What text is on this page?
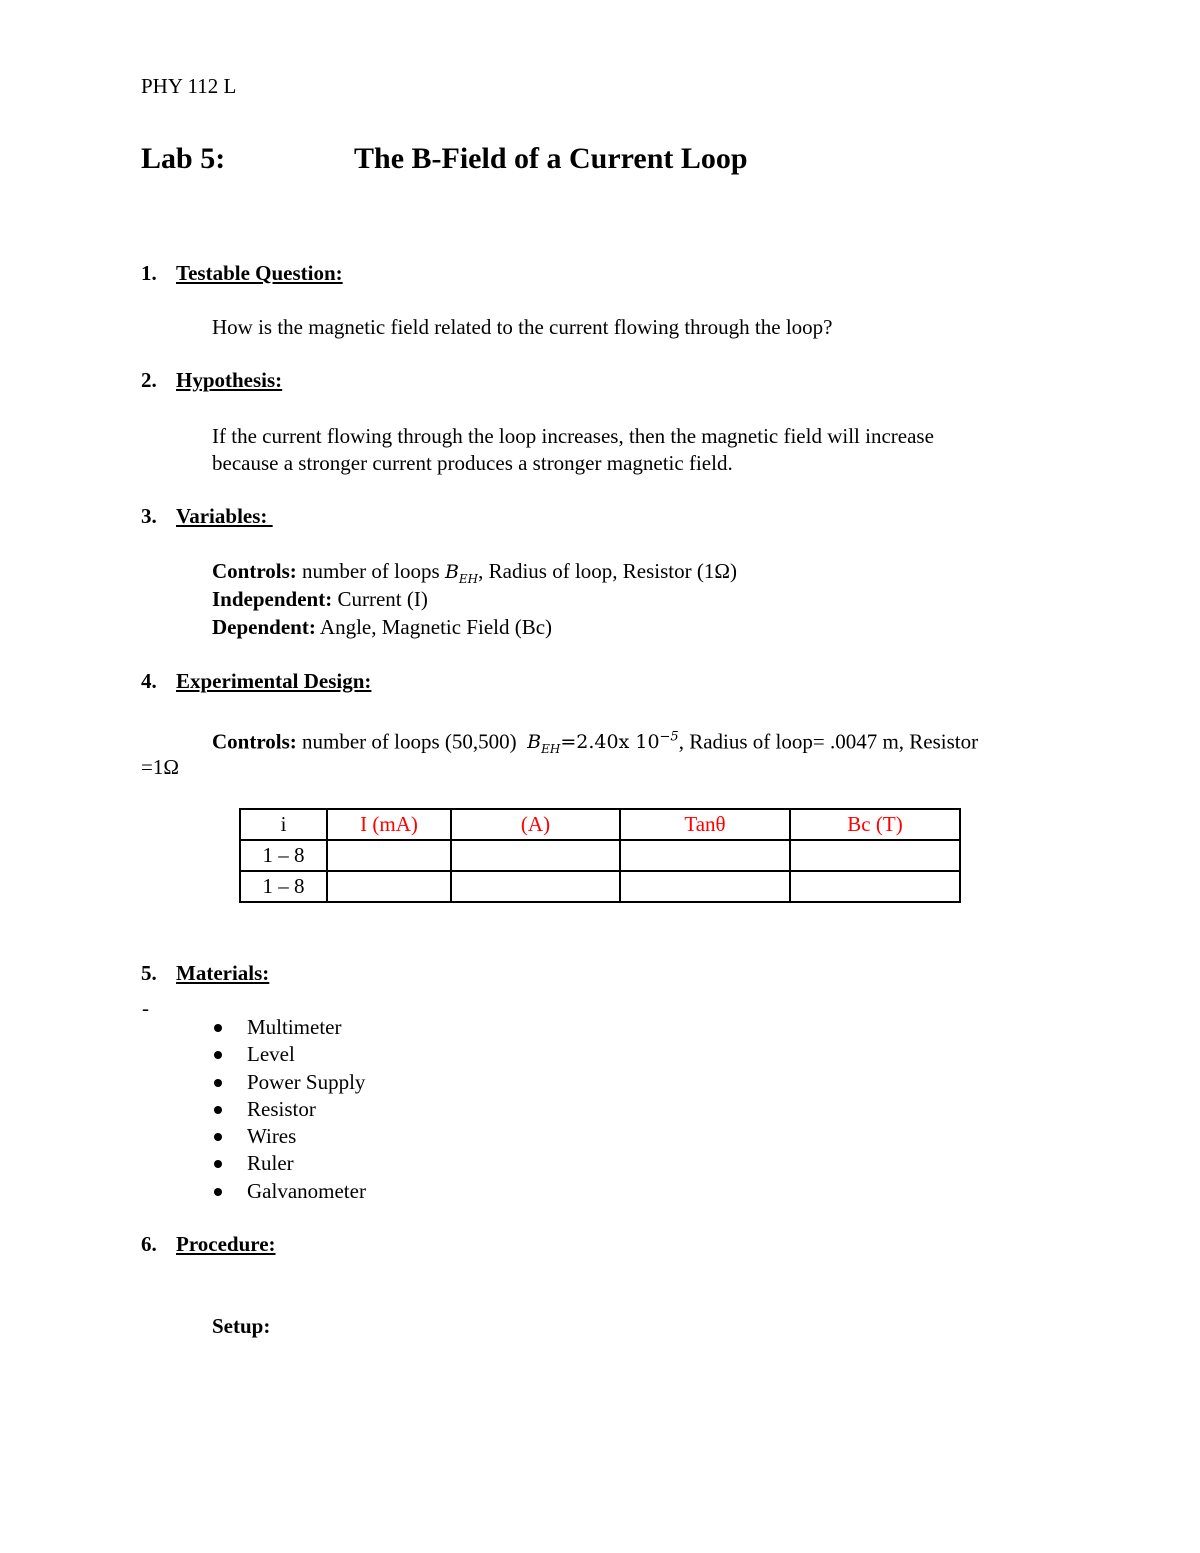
PHY 112 L
Lab 5:	The B-Field of a Current Loop
1. Testable Question:
How is the magnetic field related to the current flowing through the loop?
2. Hypothesis:
If the current flowing through the loop increases, then the magnetic field will increase
because a stronger current produces a stronger magnetic field.
3. Variables:
Controls: number of loops $B_{EH}$, Radius of loop, Resistor (1Ω)
Independent: Current (I)
Dependent: Angle, Magnetic Field (Bc)
4. Experimental Design:
Controls: number of loops (50,500)  $B_{EH}=2.40x$ $10^{-5}$, Radius of loop= .0047 m, Resistor
=1Ω
i	I (mA)	(A)	Tanθ	Bc (T)
1 – 8				
1 – 8				
5. Materials:
-
Multimeter
Level
Power Supply
Resistor
Wires
Ruler
Galvanometer
6. Procedure:
Setup:
